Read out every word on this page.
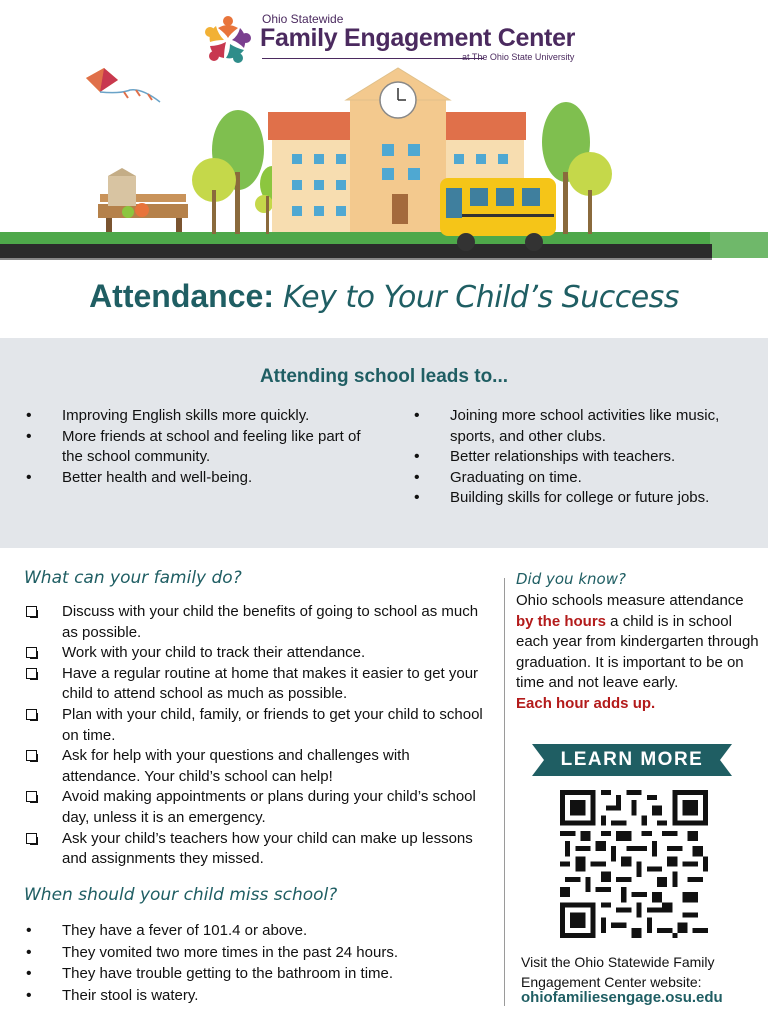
Ohio Statewide
Family Engagement Center
at The Ohio State University
Attendance: Key to Your Child’s Success
Attending school leads to...
• Improving English skills more quickly.
• More friends at school and feeling like part of the school community.
• Better health and well-being.
• Joining more school activities like music, sports, and other clubs.
• Better relationships with teachers.
• Graduating on time.
• Building skills for college or future jobs.
What can your family do?
Discuss with your child the benefits of going to school as much as possible.
Work with your child to track their attendance.
Have a regular routine at home that makes it easier to get your child to attend school as much as possible.
Plan with your child, family, or friends to get your child to school on time.
Ask for help with your questions and challenges with attendance. Your child’s school can help!
Avoid making appointments or plans during your child’s school day, unless it is an emergency.
Ask your child’s teachers how your child can make up lessons and assignments they missed.
When should your child miss school?
• They have a fever of 101.4 or above.
• They vomited two more times in the past 24 hours.
• They have trouble getting to the bathroom in time.
• Their stool is watery.
Did you know?
Ohio schools measure attendance by the hours a child is in school each year from kindergarten through graduation. It is important to be on time and not leave early.
Each hour adds up.
LEARN MORE
Visit the Ohio Statewide Family Engagement Center website:
ohiofamiliesengage.osu.edu
